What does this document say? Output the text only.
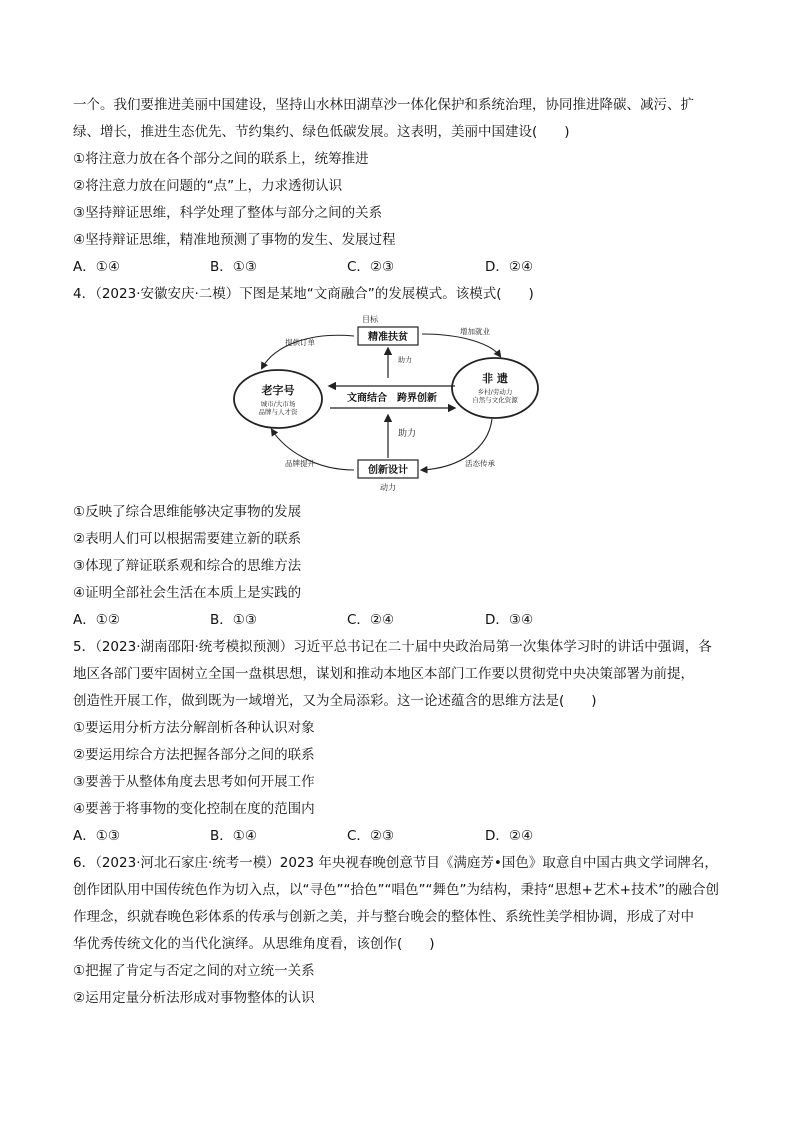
一个。我们要推进美丽中国建设，坚持山水林田湖草沙一体化保护和系统治理，协同推进降碳、减污、扩
绿、增长，推进生态优先、节约集约、绿色低碳发展。这表明，美丽中国建设(　　)
①将注意力放在各个部分之间的联系上，统筹推进
②将注意力放在问题的“点”上，力求透彻认识
③坚持辩证思维，科学处理了整体与部分之间的关系
④坚持辩证思维，精准地预测了事物的发生、发展过程
A．①④	B．①③	C．②③	D．②④
4．（2023·安徽安庆·二模）下图是某地“文商融合”的发展模式。该模式(　　)
目标
精准扶贫
创新设计
动力
老字号
城市/大市场
品牌与人才资
非 遗
乡村/劳动力
自然与文化资源
文商结合　跨界创新
助力
助力
提供订单
增加就业
品牌提升	活态传承
①反映了综合思维能够决定事物的发展
②表明人们可以根据需要建立新的联系
③体现了辩证联系观和综合的思维方法
④证明全部社会生活在本质上是实践的
A．①②	B．①③	C．②④	D．③④
5．（2023·湖南邵阳·统考模拟预测）习近平总书记在二十届中央政治局第一次集体学习时的讲话中强调，各
地区各部门要牢固树立全国一盘棋思想，谋划和推动本地区本部门工作要以贯彻党中央决策部署为前提，
创造性开展工作，做到既为一域增光，又为全局添彩。这一论述蕴含的思维方法是(　　)
①要运用分析方法分解剖析各种认识对象
②要运用综合方法把握各部分之间的联系
③要善于从整体角度去思考如何开展工作
④要善于将事物的变化控制在度的范围内
A．①③	B．①④	C．②③	D．②④
6．（2023·河北石家庄·统考一模）2023 年央视春晚创意节目《满庭芳•国色》取意自中国古典文学词牌名，
创作团队用中国传统色作为切入点，以“寻色”“拾色”“唱色”“舞色”为结构，秉持“思想+艺术+技术”的融合创
作理念，织就春晚色彩体系的传承与创新之美，并与整台晚会的整体性、系统性美学相协调，形成了对中
华优秀传统文化的当代化演绎。从思维角度看，该创作(　　)
①把握了肯定与否定之间的对立统一关系
②运用定量分析法形成对事物整体的认识
